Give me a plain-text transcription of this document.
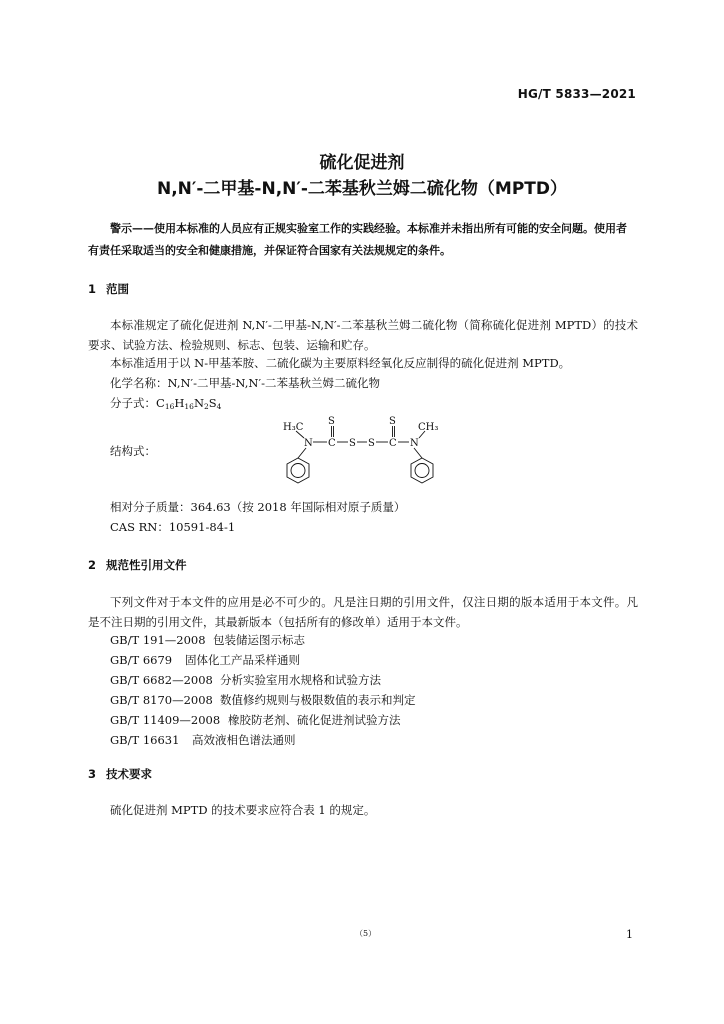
HG/T 5833—2021
硫化促进剂
N,N′-二甲基-N,N′-二苯基秋兰姆二硫化物（MPTD）
警示——使用本标准的人员应有正规实验室工作的实践经验。本标准并未指出所有可能的安全问题。使用者有责任采取适当的安全和健康措施，并保证符合国家有关法规规定的条件。
1 范围
本标准规定了硫化促进剂 N,N′-二甲基-N,N′-二苯基秋兰姆二硫化物（简称硫化促进剂 MPTD）的技术要求、试验方法、检验规则、标志、包装、运输和贮存。
本标准适用于以 N-甲基苯胺、二硫化碳为主要原料经氧化反应制得的硫化促进剂 MPTD。
化学名称：N,N′-二甲基-N,N′-二苯基秋兰姆二硫化物
分子式：$C_{16}H_{16}N_2S_4$
结构式：
H₃C
N C
S
S S C
S
N
CH₃
相对分子质量：364.63（按 2018 年国际相对原子质量）
CAS RN：10591-84-1
2 规范性引用文件
下列文件对于本文件的应用是必不可少的。凡是注日期的引用文件，仅注日期的版本适用于本文件。凡是不注日期的引用文件，其最新版本（包括所有的修改单）适用于本文件。
GB/T 191—2008 包装储运图示标志
GB/T 6679 固体化工产品采样通则
GB/T 6682—2008 分析实验室用水规格和试验方法
GB/T 8170—2008 数值修约规则与极限数值的表示和判定
GB/T 11409—2008 橡胶防老剂、硫化促进剂试验方法
GB/T 16631 高效液相色谱法通则
3 技术要求
硫化促进剂 MPTD 的技术要求应符合表 1 的规定。
（5）	1
